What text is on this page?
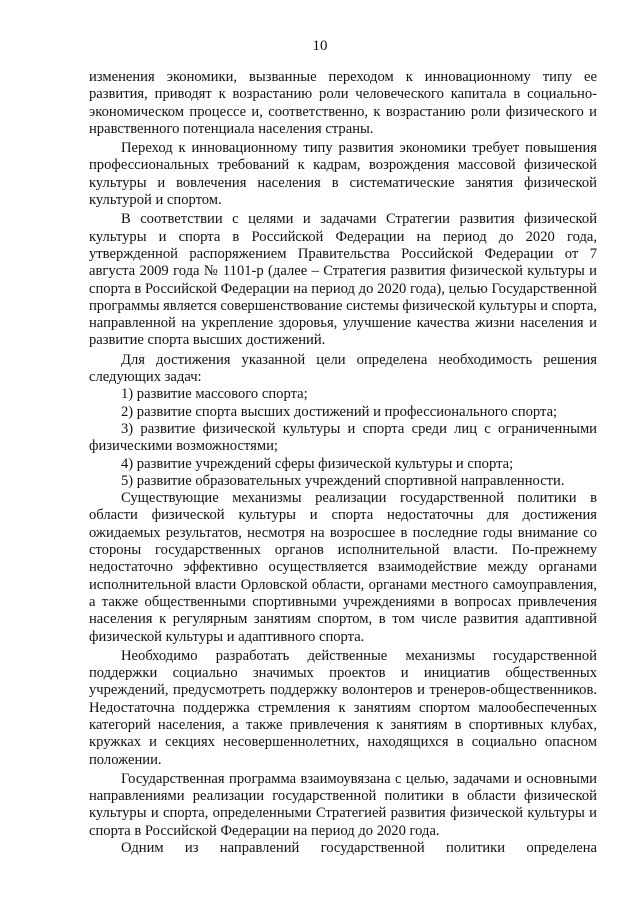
10

изменения экономики, вызванные переходом к инновационному типу ее развития, приводят к возрастанию роли человеческого капитала в социально-экономическом процессе и, соответственно, к возрастанию роли физического и нравственного потенциала населения страны.

Переход к инновационному типу развития экономики требует повышения профессиональных требований к кадрам, возрождения массовой физической культуры и вовлечения населения в систематические занятия физической культурой и спортом.

В соответствии с целями и задачами Стратегии развития физической культуры и спорта в Российской Федерации на период до 2020 года, утвержденной распоряжением Правительства Российской Федерации от 7 августа 2009 года № 1101-р (далее – Стратегия развития физической культуры и спорта в Российской Федерации на период до 2020 года), целью Государственной программы является совершенствование системы физической культуры и спорта, направленной на укрепление здоровья, улучшение качества жизни населения и развитие спорта высших достижений.

Для достижения указанной цели определена необходимость решения следующих задач:

1) развитие массового спорта;

2) развитие спорта высших достижений и профессионального спорта;

3) развитие физической культуры и спорта среди лиц с ограниченными физическими возможностями;

4) развитие учреждений сферы физической культуры и спорта;

5) развитие образовательных учреждений спортивной направленности.

Существующие механизмы реализации государственной политики в области физической культуры и спорта недостаточны для достижения ожидаемых результатов, несмотря на возросшее в последние годы внимание со стороны государственных органов исполнительной власти. По-прежнему недостаточно эффективно осуществляется взаимодействие между органами исполнительной власти Орловской области, органами местного самоуправления, а также общественными спортивными учреждениями в вопросах привлечения населения к регулярным занятиям спортом, в том числе развития адаптивной физической культуры и адаптивного спорта.

Необходимо разработать действенные механизмы государственной поддержки социально значимых проектов и инициатив общественных учреждений, предусмотреть поддержку волонтеров и тренеров-общественников. Недостаточна поддержка стремления к занятиям спортом малообеспеченных категорий населения, а также привлечения к занятиям в спортивных клубах, кружках и секциях несовершеннолетних, находящихся в социально опасном положении.

Государственная программа взаимоувязана с целью, задачами и основными направлениями реализации государственной политики в области физической культуры и спорта, определенными Стратегией развития физической культуры и спорта в Российской Федерации на период до 2020 года.

Одним из направлений государственной политики определена
